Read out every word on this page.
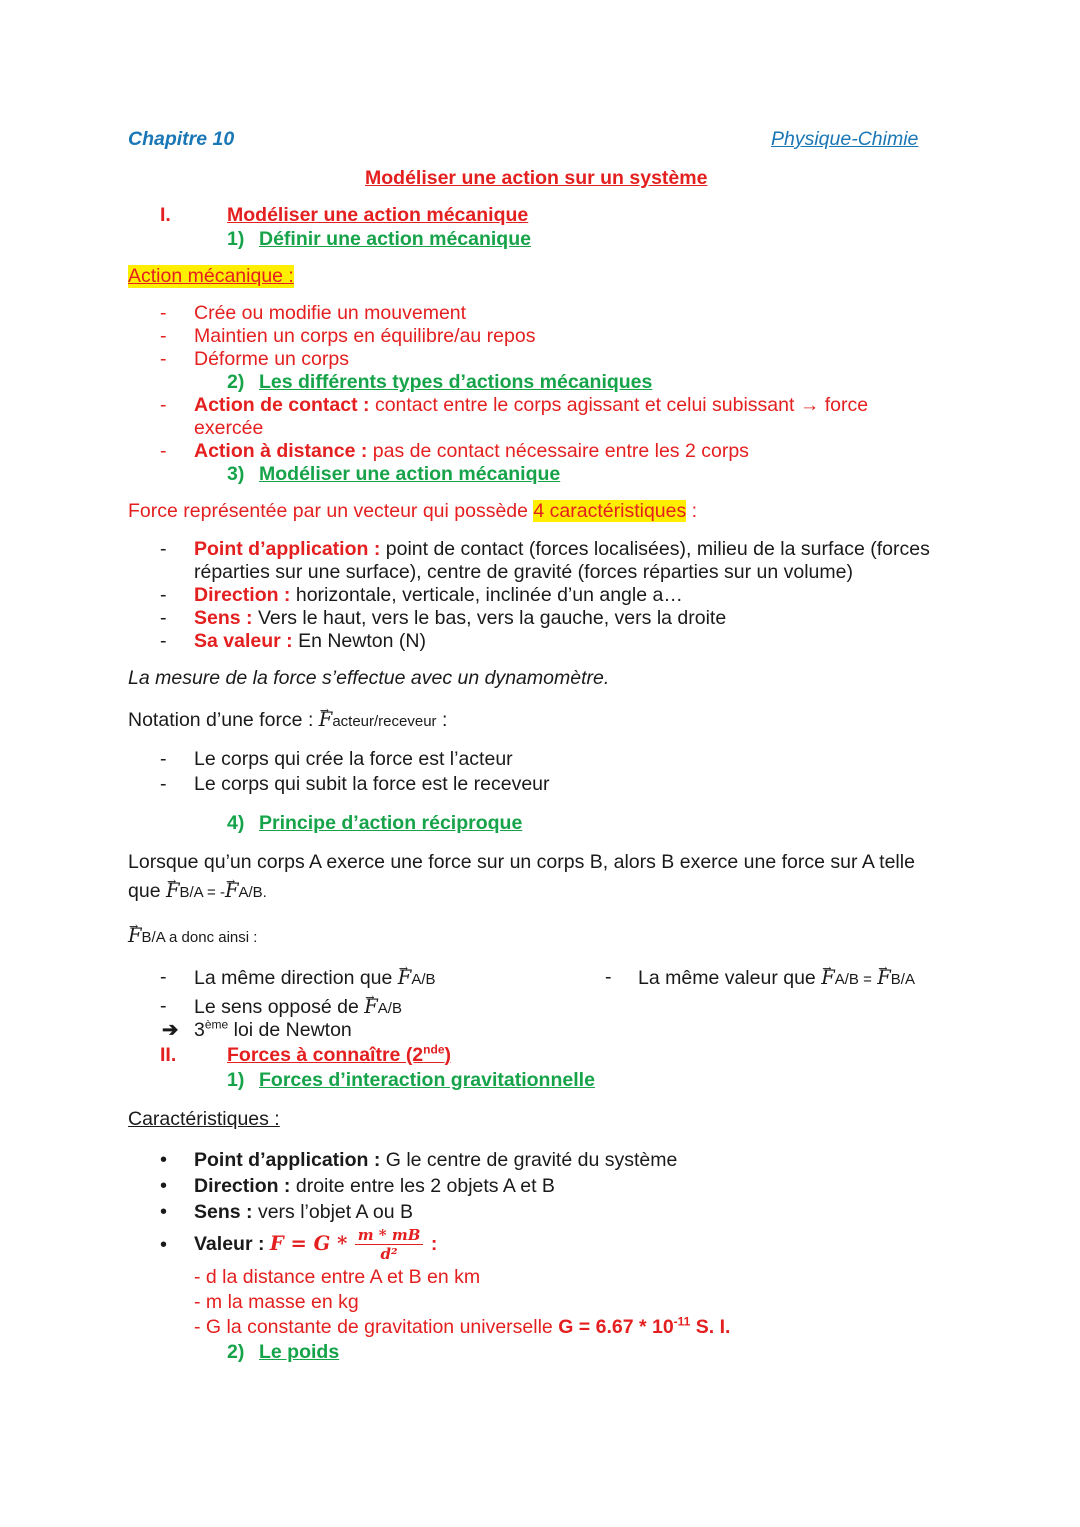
Chapitre 10	Physique-Chimie
Modéliser une action sur un système
I.	Modéliser une action mécanique
1) Définir une action mécanique
Action mécanique :
- Crée ou modifie un mouvement
- Maintien un corps en équilibre/au repos
- Déforme un corps
2) Les différents types d’actions mécaniques
- Action de contact : contact entre le corps agissant et celui subissant → force
exercée
- Action à distance : pas de contact nécessaire entre les 2 corps
3) Modéliser une action mécanique
Force représentée par un vecteur qui possède 4 caractéristiques :
- Point d’application : point de contact (forces localisées), milieu de la surface (forces
réparties sur une surface), centre de gravité (forces réparties sur un volume)
- Direction : horizontale, verticale, inclinée d’un angle a…
- Sens : Vers le haut, vers le bas, vers la gauche, vers la droite
- Sa valeur : En Newton (N)
La mesure de la force s’effectue avec un dynamomètre.
Notation d’une force : → Facteur/receveur :
- Le corps qui crée la force est l’acteur
- Le corps qui subit la force est le receveur
4) Principe d’action réciproque
Lorsque qu’un corps A exerce une force sur un corps B, alors B exerce une force sur A telle
que → FB/A = -→ FA/B.
→ FB/A a donc ainsi :
- La même direction que → FA/B	- La même valeur que → FA/B = → FB/A
- Le sens opposé de → FA/B
➔ 3ème loi de Newton
II.	Forces à connaître (2nde)
1) Forces d’interaction gravitationnelle
Caractéristiques :
• Point d’application : G le centre de gravité du système
• Direction : droite entre les 2 objets A et B
• Sens : vers l’objet A ou B
• Valeur : $F = G * \frac{m * mB}{\text{d²}}$ :
- d la distance entre A et B en km
- m la masse en kg
- G la constante de gravitation universelle $G = 6.67 * 10^{-11}$ S. I.
2) Le poids
